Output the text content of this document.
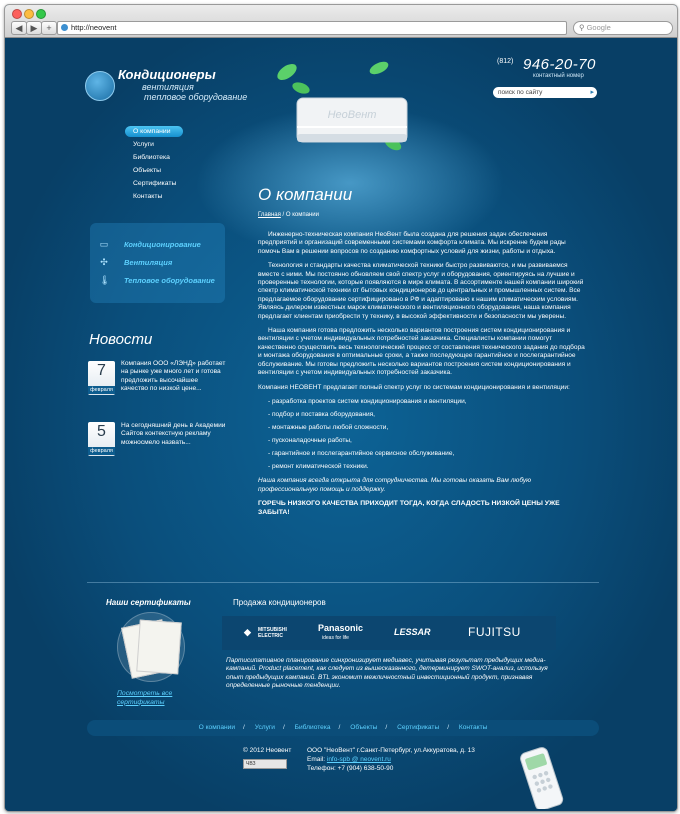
◀ ▶ +	http://neovent	⚲ Google
Кондиционеры
вентиляция
тепловое оборудование
НеоВент
(812) 946-20-70
контактный номер
поиск по сайту	▸
О компании
Услуги
Библиотека
Объекты
Сертификаты
Контакты
▭ Кондиционирование
✣ Вентиляция
🌡 Тепловое оборудование
Новости
7
февраля
Компания ООО «ЛЭНД» работает на рынке уже много лет и готова предложить высочайшее качество по низкой цене...
5
февраля
На сегодняшний день в Академии Сайтов контекстную рекламу можносмело назвать...
О компании
Главная / О компании

Инженерно-техническая компания НеоВент была создана для решения задач обеспечения предприятий и организаций современными системами комфорта климата. Мы искренне будем рады помочь Вам в решении вопросов по созданию комфортных условий для жизни, работы и отдыха.

Технология и стандарты качества климатической техники быстро развиваются, и мы развиваемся вместе с ними. Мы постоянно обновляем свой спектр услуг и оборудования, ориентируясь на лучшие и проверенные технологии, которые появляются в мире климата. В ассортименте нашей компании широкий спектр климатической техники от бытовых кондиционеров до центральных и промышленных систем. Все предлагаемое оборудование сертифицировано в РФ и адаптировано к нашим климатическим условиям. Являясь дилером известных марок климатического и вентиляционного оборудования, наша компания предлагает клиентам приобрести ту технику, в высокой эффективности и безопасности мы уверены.

Наша компания готова предложить несколько вариантов построения систем кондиционирования и вентиляции с учетом индивидуальных потребностей заказчика. Специалисты компании помогут качественно осуществить весь технологический процесс от составления технического задания до подбора и монтажа оборудования в оптимальные сроки, а также последующее гарантийное и послегарантийное обслуживание. Мы готовы предложить несколько вариантов построения систем кондиционирования и вентиляции с учетом индивидуальных потребностей заказчика.

Компания НЕОВЕНТ предлагает полный спектр услуг по системам кондиционирования и вентиляции:

- разработка проектов систем кондиционирования и вентиляции,
- подбор и поставка оборудования,
- монтажные работы любой сложности,
- пусконаладочные работы,
- гарантийное и послегарантийное сервисное обслуживание,
- ремонт климатической техники.

Наша компания всегда открыта для сотрудничества. Мы готовы оказать Вам любую профессиональную помощь и поддержку.

ГОРЕЧЬ НИЗКОГО КАЧЕСТВА ПРИХОДИТ ТОГДА, КОГДА СЛАДОСТЬ НИЗКОЙ ЦЕНЫ УЖЕ ЗАБЫТА!

Наши сертификаты
Посмотреть все сертификаты
Продажа кондиционеров
◆ MITSUBISHI ELECTRIC
Panasonic
ideas for life
LESSAR	FUJITSU
Партисипативное планирование синхронизирует медиавес, учитывая результат предыдущих медиа-кампаний. Product placement, как следует из вышесказанного, детерминирует SWOT-анализ, используя опыт предыдущих кампаний. BTL экономит межличностный инвестиционный продукт, признавая определенные рыночные тенденции.
О компании / Услуги / Библиотека / Объекты / Сертификаты / Контакты
© 2012 Неовент
ЧВЗ
ООО "НеоВент" г.Санкт-Петербург, ул.Аккуратова, д. 13
Email: info-spb @ neovent.ru
Телефон: +7 (904) 638-50-90
